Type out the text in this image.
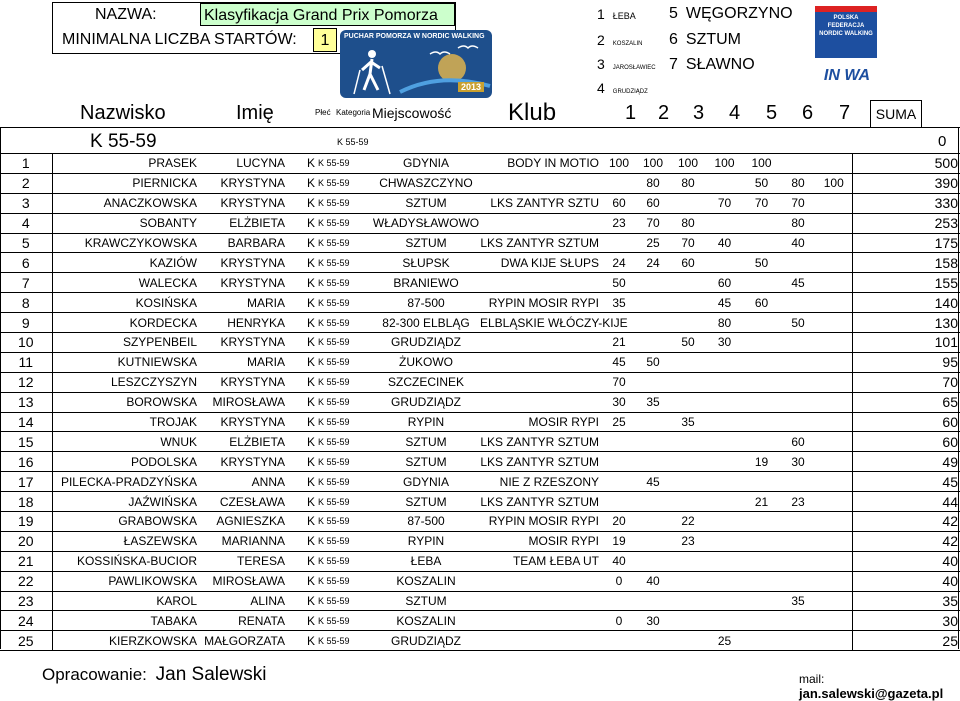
NAZWA:	Klasyfikacja Grand Prix Pomorza
MINIMALNA LICZBA STARTÓW:	1	PUCHAR POMORZA W NORDIC WALKING
2013
1 ŁEBA
2 KOSZALIN
3 JAROSŁAWIEC
4 GRUDZIĄDZ
5 WĘGORZYNO
6 SZTUM
7 SŁAWNO
POLSKA FEDERACJA NORDIC WALKING
IN WA
Nazwisko	Imię	Płeć Kategoria Miejscowość Klub	1 2 3 4 5 6 7	SUMA
K 55-59	K 55-59	0
1	PRASEK	LUCYNA	K	K 55-59	GDYNIA	BODY IN MOTIO	100	100	100	100	100			500
2	PIERNICKA	KRYSTYNA	K	K 55-59	CHWASZCZYNO			80	80		50	80	100	390
3	ANACZKOWSKA	KRYSTYNA	K	K 55-59	SZTUM	LKS ZANTYR SZTU	60	60		70	70	70		330
4	SOBANTY	ELŻBIETA	K	K 55-59	WŁADYSŁAWOWO		23	70	80			80		253
5	KRAWCZYKOWSKA	BARBARA	K	K 55-59	SZTUM	LKS ZANTYR SZTUM		25	70	40		40		175
6	KAZIÓW	KRYSTYNA	K	K 55-59	SŁUPSK	DWA KIJE SŁUPS	24	24	60		50			158
7	WALECKA	KRYSTYNA	K	K 55-59	BRANIEWO		50			60		45		155
8	KOSIŃSKA	MARIA	K	K 55-59	87-500	RYPIN MOSIR RYPI	35			45	60			140
9	KORDECKA	HENRYKA	K	K 55-59	82-300 ELBLĄG	ELBLĄSKIE WŁÓCZY-KIJE				80		50		130
10	SZYPENBEIL	KRYSTYNA	K	K 55-59	GRUDZIĄDZ		21		50	30				101
11	KUTNIEWSKA	MARIA	K	K 55-59	ŻUKOWO		45	50						95
12	LESZCZYSZYN	KRYSTYNA	K	K 55-59	SZCZECINEK		70							70
13	BOROWSKA	MIROSŁAWA	K	K 55-59	GRUDZIĄDZ		30	35						65
14	TROJAK	KRYSTYNA	K	K 55-59	RYPIN	MOSIR RYPI	25		35					60
15	WNUK	ELŻBIETA	K	K 55-59	SZTUM	LKS ZANTYR SZTUM						60		60
16	PODOLSKA	KRYSTYNA	K	K 55-59	SZTUM	LKS ZANTYR SZTUM					19	30		49
17	PILECKA-PRADZYŃSKA	ANNA	K	K 55-59	GDYNIA	NIE Z RZESZONY		45						45
18	JAŹWIŃSKA	CZESŁAWA	K	K 55-59	SZTUM	LKS ZANTYR SZTUM					21	23		44
19	GRABOWSKA	AGNIESZKA	K	K 55-59	87-500	RYPIN MOSIR RYPI	20		22					42
20	ŁASZEWSKA	MARIANNA	K	K 55-59	RYPIN	MOSIR RYPI	19		23					42
21	KOSSIŃSKA-BUCIOR	TERESA	K	K 55-59	ŁEBA	TEAM ŁEBA UT	40							40
22	PAWLIKOWSKA	MIROSŁAWA	K	K 55-59	KOSZALIN		0	40						40
23	KAROL	ALINA	K	K 55-59	SZTUM							35		35
24	TABAKA	RENATA	K	K 55-59	KOSZALIN		0	30						30
25	KIERZKOWSKA	MAŁGORZATA	K	K 55-59	GRUDZIĄDZ					25				25
Opracowanie: Jan Salewski	mail: jan.salewski@gazeta.pl
